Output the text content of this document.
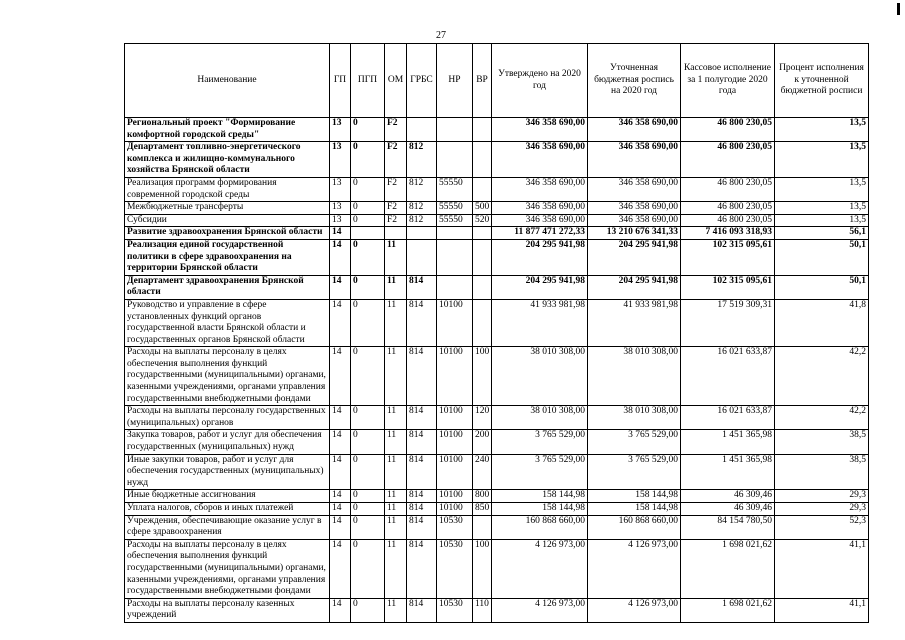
27
Наименование	ГП	ПГП	ОМ	ГРБС	НР	ВР	Утверждено на 2020 год	Уточненная бюджетная роспись на 2020 год	Кассовое исполнение за 1 полугодие 2020 года	Процент исполнения к уточненной бюджетной росписи
Региональный проект "Формирование комфортной городской среды"	13	0	F2				346 358 690,00	346 358 690,00	46 800 230,05	13,5
Департамент топливно-энергетического комплекса и жилищно-коммунального хозяйства Брянской области	13	0	F2	812			346 358 690,00	346 358 690,00	46 800 230,05	13,5
Реализация программ формирования современной городской среды	13	0	F2	812	55550		346 358 690,00	346 358 690,00	46 800 230,05	13,5
Межбюджетные трансферты	13	0	F2	812	55550	500	346 358 690,00	346 358 690,00	46 800 230,05	13,5
Субсидии	13	0	F2	812	55550	520	346 358 690,00	346 358 690,00	46 800 230,05	13,5
Развитие здравоохранения Брянской области	14						11 877 471 272,33	13 210 676 341,33	7 416 093 318,93	56,1
Реализация единой государственной политики в сфере здравоохранения на территории Брянской области	14	0	11				204 295 941,98	204 295 941,98	102 315 095,61	50,1
Департамент здравоохранения Брянской области	14	0	11	814			204 295 941,98	204 295 941,98	102 315 095,61	50,1
Руководство и управление в сфере установленных функций органов государственной власти Брянской области и государственных органов Брянской области	14	0	11	814	10100		41 933 981,98	41 933 981,98	17 519 309,31	41,8
Расходы на выплаты персоналу в целях обеспечения выполнения функций государственными (муниципальными) органами, казенными учреждениями, органами управления государственными внебюджетными фондами	14	0	11	814	10100	100	38 010 308,00	38 010 308,00	16 021 633,87	42,2
Расходы на выплаты персоналу государственных (муниципальных) органов	14	0	11	814	10100	120	38 010 308,00	38 010 308,00	16 021 633,87	42,2
Закупка товаров, работ и услуг для обеспечения государственных (муниципальных) нужд	14	0	11	814	10100	200	3 765 529,00	3 765 529,00	1 451 365,98	38,5
Иные закупки товаров, работ и услуг для обеспечения государственных (муниципальных) нужд	14	0	11	814	10100	240	3 765 529,00	3 765 529,00	1 451 365,98	38,5
Иные бюджетные ассигнования	14	0	11	814	10100	800	158 144,98	158 144,98	46 309,46	29,3
Уплата налогов, сборов и иных платежей	14	0	11	814	10100	850	158 144,98	158 144,98	46 309,46	29,3
Учреждения, обеспечивающие оказание услуг в сфере здравоохранения	14	0	11	814	10530		160 868 660,00	160 868 660,00	84 154 780,50	52,3
Расходы на выплаты персоналу в целях обеспечения выполнения функций государственными (муниципальными) органами, казенными учреждениями, органами управления государственными внебюджетными фондами	14	0	11	814	10530	100	4 126 973,00	4 126 973,00	1 698 021,62	41,1
Расходы на выплаты персоналу казенных учреждений	14	0	11	814	10530	110	4 126 973,00	4 126 973,00	1 698 021,62	41,1
